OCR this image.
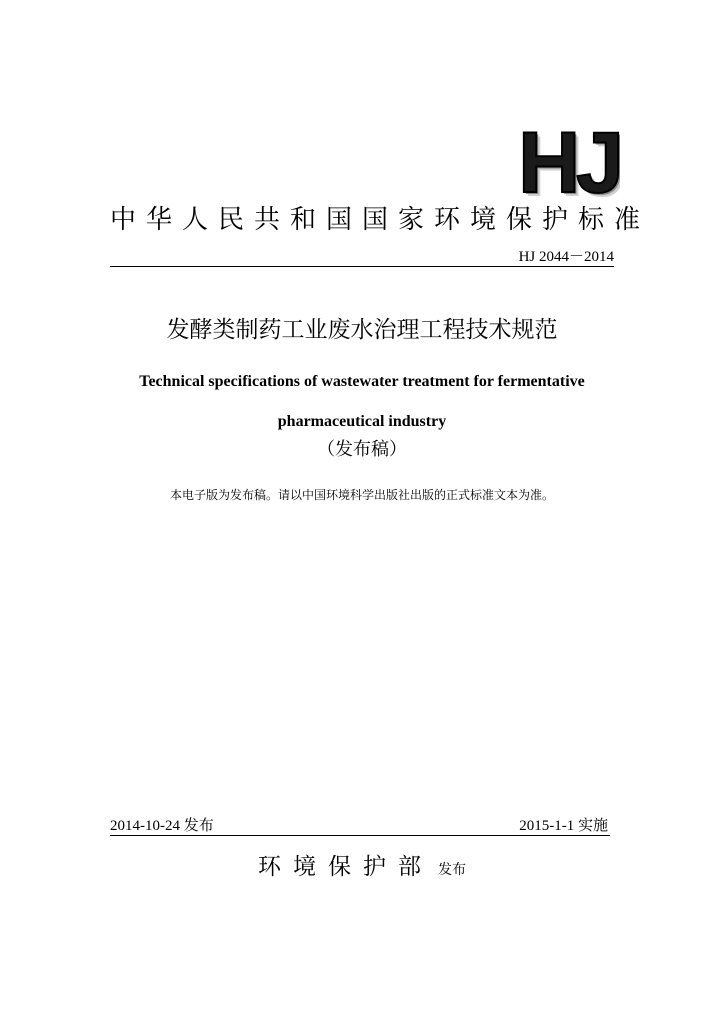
HJ
中华人民共和国国家环境保护标准
HJ 2044－2014
发酵类制药工业废水治理工程技术规范
Technical specifications of wastewater treatment for fermentative
pharmaceutical industry
（发布稿）
本电子版为发布稿。请以中国环境科学出版社出版的正式标准文本为准。
2014-10-24 发布	2015-1-1 实施
环境保护部 发布
